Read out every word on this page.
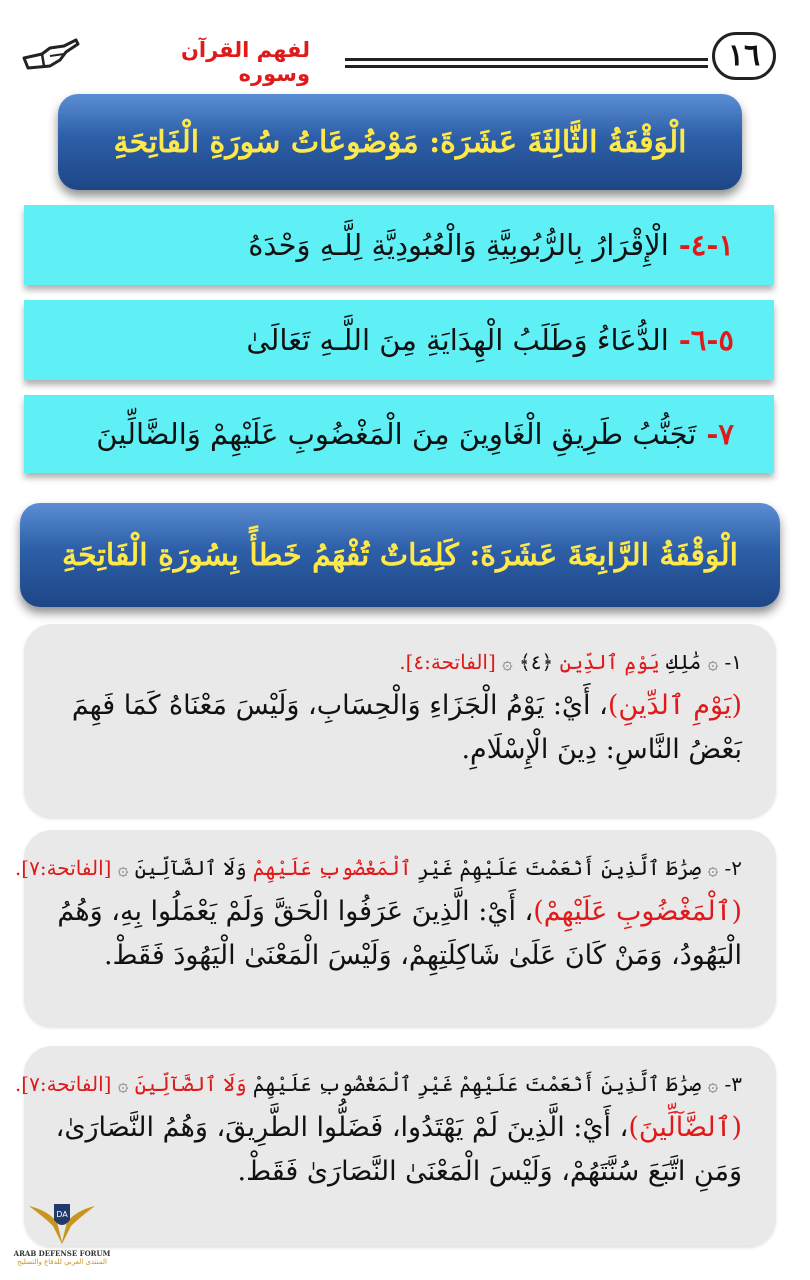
١٦
لفهم القرآن وسوره
الْوَقْفَةُ الثَّالِثَةَ عَشَرَةَ: مَوْضُوعَاتُ سُورَةِ الْفَاتِحَةِ
١-٤-
الْإِقْرَارُ بِالرُّبُوبِيَّةِ وَالْعُبُودِيَّةِ لِلَّـهِ وَحْدَهُ
٥-٦-
الدُّعَاءُ وَطَلَبُ الْهِدَايَةِ مِنَ اللَّـهِ تَعَالَىٰ
٧-
تَجَنُّبُ طَرِيقِ الْغَاوِينَ مِنَ الْمَغْضُوبِ عَلَيْهِمْ وَالضَّالِّينَ
الْوَقْفَةُ الرَّابِعَةَ عَشَرَةَ: كَلِمَاتٌ تُفْهَمُ خَطأً بِسُورَةِ الْفَاتِحَةِ
١- ۞ مَٰلِكِ يَوْمِ ٱلدِّينِ ﴿٤﴾ ۞ [الفاتحة:٤].
(يَوْمِ ٱلدِّينِ)، أَيْ: يَوْمُ الْجَزَاءِ وَالْحِسَابِ، وَلَيْسَ مَعْنَاهُ كَمَا فَهِمَ بَعْضُ النَّاسِ: دِينَ الْإِسْلَامِ.
٢- ۞ صِرَٰطَ ٱلَّذِينَ أَنْعَمْتَ عَلَيْهِمْ غَيْرِ ٱلْمَغْضُوبِ عَلَيْهِمْ وَلَا ٱلضَّآلِّينَ ۞ [الفاتحة:٧].
(ٱلْمَغْضُوبِ عَلَيْهِمْ)، أَيْ: الَّذِينَ عَرَفُوا الْحَقَّ وَلَمْ يَعْمَلُوا بِهِ، وَهُمُ الْيَهُودُ، وَمَنْ كَانَ عَلَىٰ شَاكِلَتِهِمْ، وَلَيْسَ الْمَعْنَىٰ الْيَهُودَ فَقَطْ.
٣- ۞ صِرَٰطَ ٱلَّذِينَ أَنْعَمْتَ عَلَيْهِمْ غَيْرِ ٱلْمَغْضُوبِ عَلَيْهِمْ وَلَا ٱلضَّآلِّينَ ۞ [الفاتحة:٧].
(ٱلضَّآلِّينَ)، أَيْ: الَّذِينَ لَمْ يَهْتَدُوا، فَضَلُّوا الطَّرِيقَ، وَهُمُ النَّصَارَىٰ، وَمَنِ اتَّبَعَ سُنَّتَهُمْ، وَلَيْسَ الْمَعْنَىٰ النَّصَارَىٰ فَقَطْ.
DA
ARAB DEFENSE FORUM
المنتدى العربي للدفاع والتسليح
